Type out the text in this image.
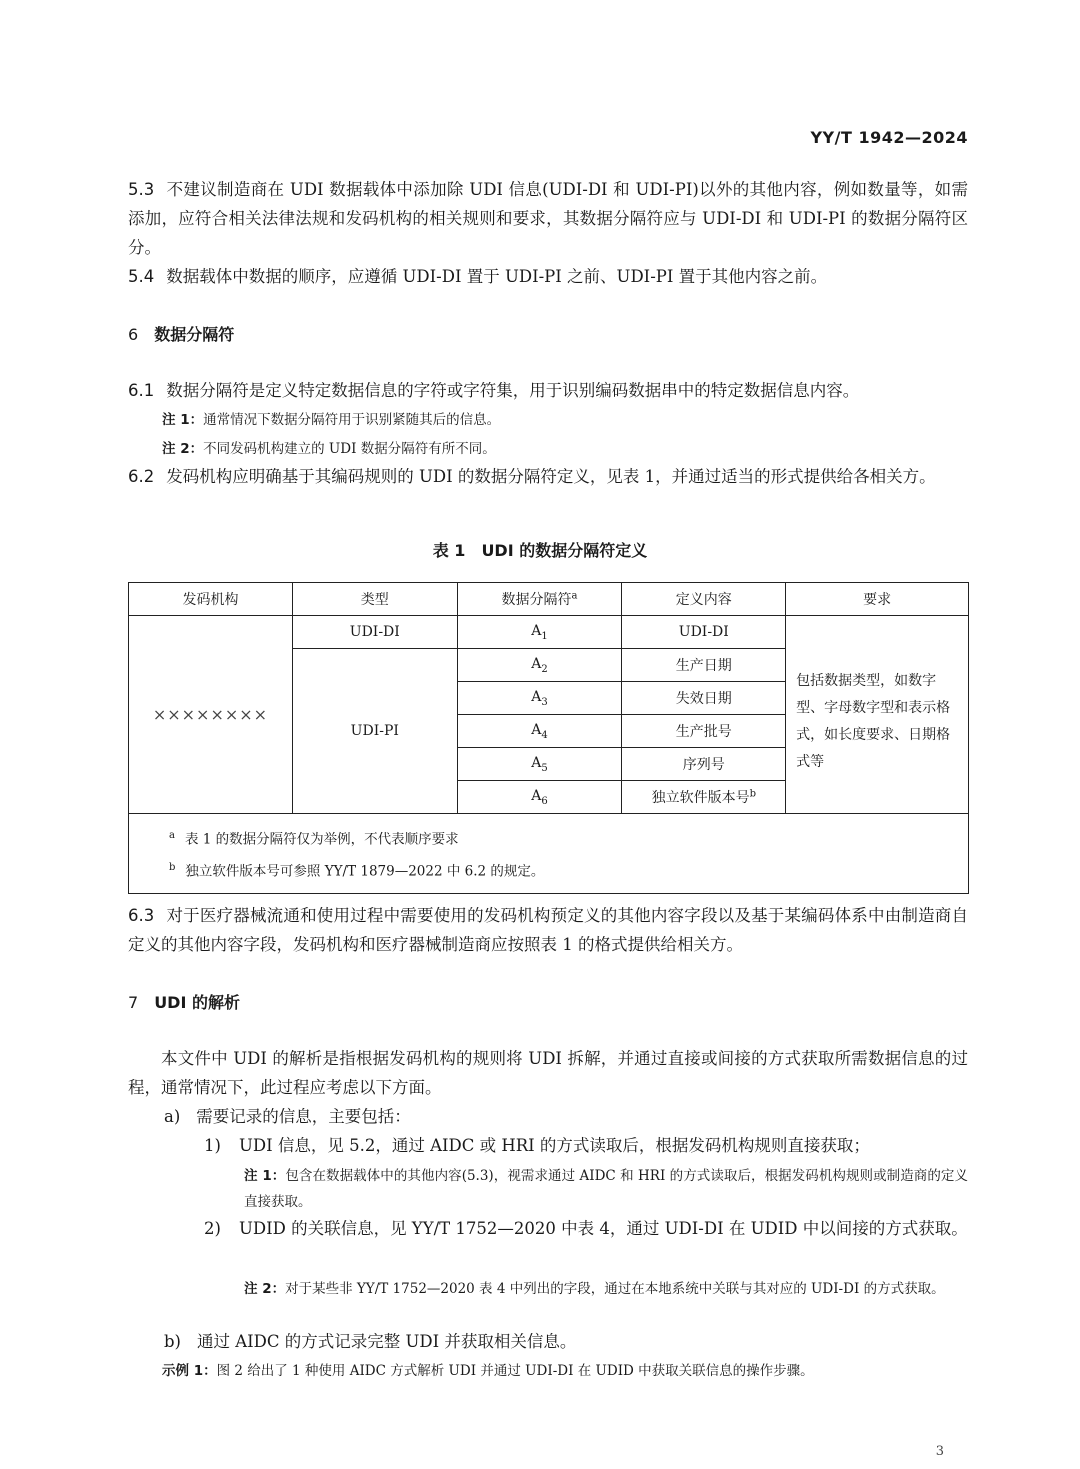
YY/T 1942—2024
5.3 不建议制造商在 UDI 数据载体中添加除 UDI 信息(UDI-DI 和 UDI-PI)以外的其他内容，例如数量等，如需添加，应符合相关法律法规和发码机构的相关规则和要求，其数据分隔符应与 UDI-DI 和 UDI-PI 的数据分隔符区分。
5.4 数据载体中数据的顺序，应遵循 UDI-DI 置于 UDI-PI 之前、UDI-PI 置于其他内容之前。
6 数据分隔符
6.1 数据分隔符是定义特定数据信息的字符或字符集，用于识别编码数据串中的特定数据信息内容。
注 1：通常情况下数据分隔符用于识别紧随其后的信息。
注 2：不同发码机构建立的 UDI 数据分隔符有所不同。
6.2 发码机构应明确基于其编码规则的 UDI 的数据分隔符定义，见表 1，并通过适当的形式提供给各相关方。
表 1　UDI 的数据分隔符定义
发码机构	类型	数据分隔符$^a$	定义内容	要求
××××××××	UDI-DI	$A_1$	UDI-DI	包括数据类型，如数字型、字母数字型和表示格式，如长度要求、日期格式等

	UDI-PI	$A_2$	生产日期	
		$A_3$	失效日期	
		$A_4$	生产批号	
		$A_5$	序列号	
		$A_6$	独立软件版本号$^b$

$^a$ 表 1 的数据分隔符仅为举例，不代表顺序要求
$^b$ 独立软件版本号可参照 YY/T 1879—2022 中 6.2 的规定。				
6.3 对于医疗器械流通和使用过程中需要使用的发码机构预定义的其他内容字段以及基于某编码体系中由制造商自定义的其他内容字段，发码机构和医疗器械制造商应按照表 1 的格式提供给相关方。
7 UDI 的解析
本文件中 UDI 的解析是指根据发码机构的规则将 UDI 拆解，并通过直接或间接的方式获取所需数据信息的过程，通常情况下，此过程应考虑以下方面。
a) 需要记录的信息，主要包括：
1) UDI 信息，见 5.2，通过 AIDC 或 HRI 的方式读取后，根据发码机构规则直接获取；
注 1：包含在数据载体中的其他内容(5.3)，视需求通过 AIDC 和 HRI 的方式读取后，根据发码机构规则或制造商的定义直接获取。
2) UDID 的关联信息，见 YY/T 1752—2020 中表 4，通过 UDI-DI 在 UDID 中以间接的方式获取。
注 2：对于某些非 YY/T 1752—2020 表 4 中列出的字段，通过在本地系统中关联与其对应的 UDI-DI 的方式获取。
b) 通过 AIDC 的方式记录完整 UDI 并获取相关信息。
示例 1：图 2 给出了 1 种使用 AIDC 方式解析 UDI 并通过 UDI-DI 在 UDID 中获取关联信息的操作步骤。
3
